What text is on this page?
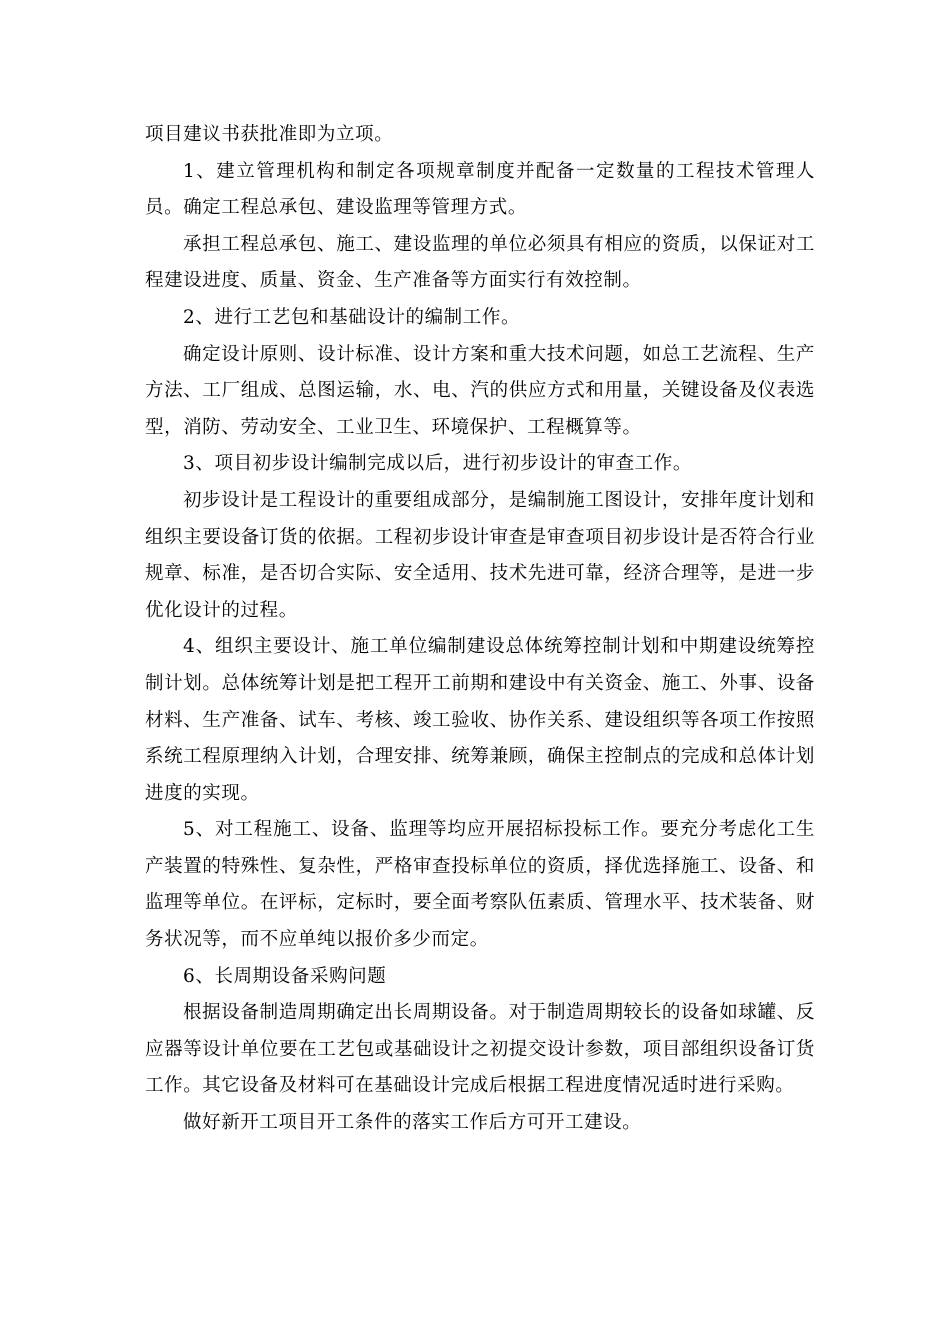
项目建议书获批准即为立项。

1、建立管理机构和制定各项规章制度并配备一定数量的工程技术管理人员。确定工程总承包、建设监理等管理方式。

承担工程总承包、施工、建设监理的单位必须具有相应的资质，以保证对工程建设进度、质量、资金、生产准备等方面实行有效控制。

2、进行工艺包和基础设计的编制工作。

确定设计原则、设计标准、设计方案和重大技术问题，如总工艺流程、生产方法、工厂组成、总图运输，水、电、汽的供应方式和用量，关键设备及仪表选型，消防、劳动安全、工业卫生、环境保护、工程概算等。

3、项目初步设计编制完成以后，进行初步设计的审查工作。

初步设计是工程设计的重要组成部分，是编制施工图设计，安排年度计划和组织主要设备订货的依据。工程初步设计审查是审查项目初步设计是否符合行业规章、标准，是否切合实际、安全适用、技术先进可靠，经济合理等，是进一步优化设计的过程。

4、组织主要设计、施工单位编制建设总体统筹控制计划和中期建设统筹控制计划。总体统筹计划是把工程开工前期和建设中有关资金、施工、外事、设备材料、生产准备、试车、考核、竣工验收、协作关系、建设组织等各项工作按照系统工程原理纳入计划，合理安排、统筹兼顾，确保主控制点的完成和总体计划进度的实现。

5、对工程施工、设备、监理等均应开展招标投标工作。要充分考虑化工生产装置的特殊性、复杂性，严格审查投标单位的资质，择优选择施工、设备、和监理等单位。在评标，定标时，要全面考察队伍素质、管理水平、技术装备、财务状况等，而不应单纯以报价多少而定。

6、长周期设备采购问题

根据设备制造周期确定出长周期设备。对于制造周期较长的设备如球罐、反应器等设计单位要在工艺包或基础设计之初提交设计参数，项目部组织设备订货工作。其它设备及材料可在基础设计完成后根据工程进度情况适时进行采购。

做好新开工项目开工条件的落实工作后方可开工建设。
